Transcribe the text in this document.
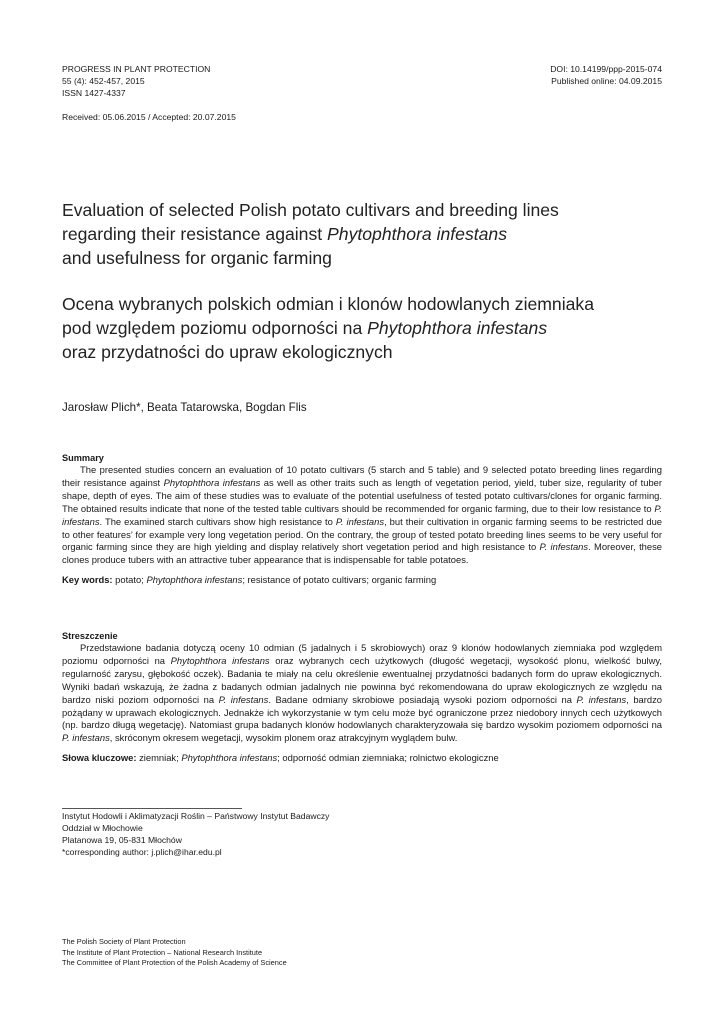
PROGRESS IN PLANT PROTECTION
55 (4): 452-457, 2015
ISSN 1427-4337
DOI: 10.14199/ppp-2015-074
Published online: 04.09.2015
Received: 05.06.2015 / Accepted: 20.07.2015
Evaluation of selected Polish potato cultivars and breeding lines
regarding their resistance against Phytophthora infestans
and usefulness for organic farming
Ocena wybranych polskich odmian i klonów hodowlanych ziemniaka
pod względem poziomu odporności na Phytophthora infestans
oraz przydatności do upraw ekologicznych
Jarosław Plich*, Beata Tatarowska, Bogdan Flis
Summary

The presented studies concern an evaluation of 10 potato cultivars (5 starch and 5 table) and 9 selected potato breeding lines regarding their resistance against Phytophthora infestans as well as other traits such as length of vegetation period, yield, tuber size, regularity of tuber shape, depth of eyes. The aim of these studies was to evaluate of the potential usefulness of tested potato cultivars/clones for organic farming. The obtained results indicate that none of the tested table cultivars should be recommended for organic farming, due to their low resistance to P. infestans. The examined starch cultivars show high resistance to P. infestans, but their cultivation in organic farming seems to be restricted due to other features’ for example very long vegetation period. On the contrary, the group of tested potato breeding lines seems to be very useful for organic farming since they are high yielding and display relatively short vegetation period and high resistance to P. infestans. Moreover, these clones produce tubers with an attractive tuber appearance that is indispensable for table potatoes.

Key words: potato; Phytophthora infestans; resistance of potato cultivars; organic farming

Streszczenie

Przedstawione badania dotyczą oceny 10 odmian (5 jadalnych i 5 skrobiowych) oraz 9 klonów hodowlanych ziemniaka pod względem poziomu odporności na Phytophthora infestans oraz wybranych cech użytkowych (długość wegetacji, wysokość plonu, wielkość bulwy, regularność zarysu, głębokość oczek). Badania te miały na celu określenie ewentualnej przydatności badanych form do upraw ekologicznych. Wyniki badań wskazują, że żadna z badanych odmian jadalnych nie powinna być rekomendowana do upraw ekologicznych ze względu na bardzo niski poziom odporności na P. infestans. Badane odmiany skrobiowe posiadają wysoki poziom odporności na P. infestans, bardzo pożądany w uprawach ekologicznych. Jednakże ich wykorzystanie w tym celu może być ograniczone przez niedobory innych cech użytkowych (np. bardzo długą wegetację). Natomiast grupa badanych klonów hodowlanych charakteryzowała się bardzo wysokim poziomem odporności na P. infestans, skróconym okresem wegetacji, wysokim plonem oraz atrakcyjnym wyglądem bulw.

Słowa kluczowe: ziemniak; Phytophthora infestans; odporność odmian ziemniaka; rolnictwo ekologiczne

Instytut Hodowli i Aklimatyzacji Roślin – Państwowy Instytut Badawczy
Oddział w Młochowie
Platanowa 19, 05-831 Młochów
*corresponding author: j.plich@ihar.edu.pl
The Polish Society of Plant Protection
The Institute of Plant Protection – National Research Institute
The Committee of Plant Protection of the Polish Academy of Science
